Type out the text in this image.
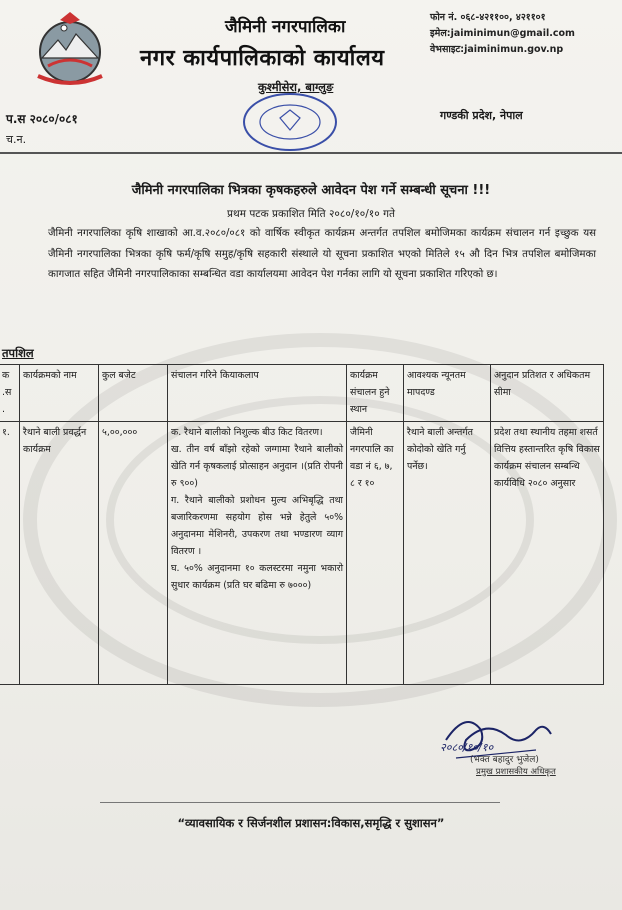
जैमिनी नगरपालिका
नगर कार्यपालिकाको कार्यालय
कुश्मीसेरा, बाग्लुङ
फोन नं. ०६८-४२११००, ४२११०१
इमेल:jaiminimun@gmail.com
वेभसाइट:jaiminimun.gov.np
प.स २०८०/०८१
च.न.
गण्डकी प्रदेश, नेपाल
जैमिनी नगरपालिका भित्रका कृषकहरुले आवेदन पेश गर्ने सम्बन्धी सूचना !!!
प्रथम पटक प्रकाशित मिति २०८०/१०/१० गते
जैमिनी नगरपालिका कृषि शाखाको आ.व.२०८०/०८१ को वार्षिक स्वीकृत कार्यक्रम अन्तर्गत तपशिल बमोजिमका कार्यक्रम संचालन गर्न इच्छुक यस जैमिनी नगरपालिका भित्रका कृषि फर्म/कृषि समुह/कृषि सहकारी संस्थाले यो सूचना प्रकाशित भएको मितिले १५ औ दिन भित्र तपशिल बमोजिमका कागजात सहित जैमिनी नगरपालिकाका सम्बन्धित वडा कार्यालयमा आवेदन पेश गर्नका लागि यो सूचना प्रकाशित गरिएको छ।
तपशिल
क .स .	कार्यक्रमको नाम	कुल बजेट	संचालन गरिने कियाकलाप	कार्यक्रम संचालन हुने स्थान	आवश्यक न्यूनतम मापदण्ड	अनुदान प्रतिशत र अधिकतम सीमा
१.	रैथाने बाली प्रवर्द्धन कार्यक्रम	५,००,०००	क. रैथाने बालीको निशुल्क बीउ किट वितरण।

ख. तीन वर्ष बाँझो रहेको जग्गामा रैथाने बालीको खेति गर्न कृषकलाई प्रोत्साहन अनुदान ।(प्रति रोपनी रु ९००)

ग. रैथाने बालीको प्रशोधन मुल्य अभिबृद्धि तथा बजारिकरणमा सहयोग होस भन्ने हेतुले ५०% अनुदानमा मेशिनरी, उपकरण तथा भण्डारण व्याग वितरण ।

घ. ५०% अनुदानमा १० कलस्टरमा नमुना भकारो सुधार कार्यक्रम (प्रति घर बढिमा रु ७०००)	जैमिनी नगरपालि का वडा नं ६, ७, ८ र १०	रैथाने बाली अन्तर्गत कोदोको खेति गर्नु पर्नेछ।	प्रदेश तथा स्थानीय तहमा शसर्त वित्तिय हस्तान्तरित कृषि विकास कार्यक्रम संचालन सम्बन्धि कार्यविधि २०८० अनुसार
२०८०/१०/१०
(भक्त बहादुर भुजेल)
प्रमुख प्रशासकीय अधिकृत
“व्यावसायिक र सिर्जनशील प्रशासन:विकास,समृद्धि र सुशासन”
